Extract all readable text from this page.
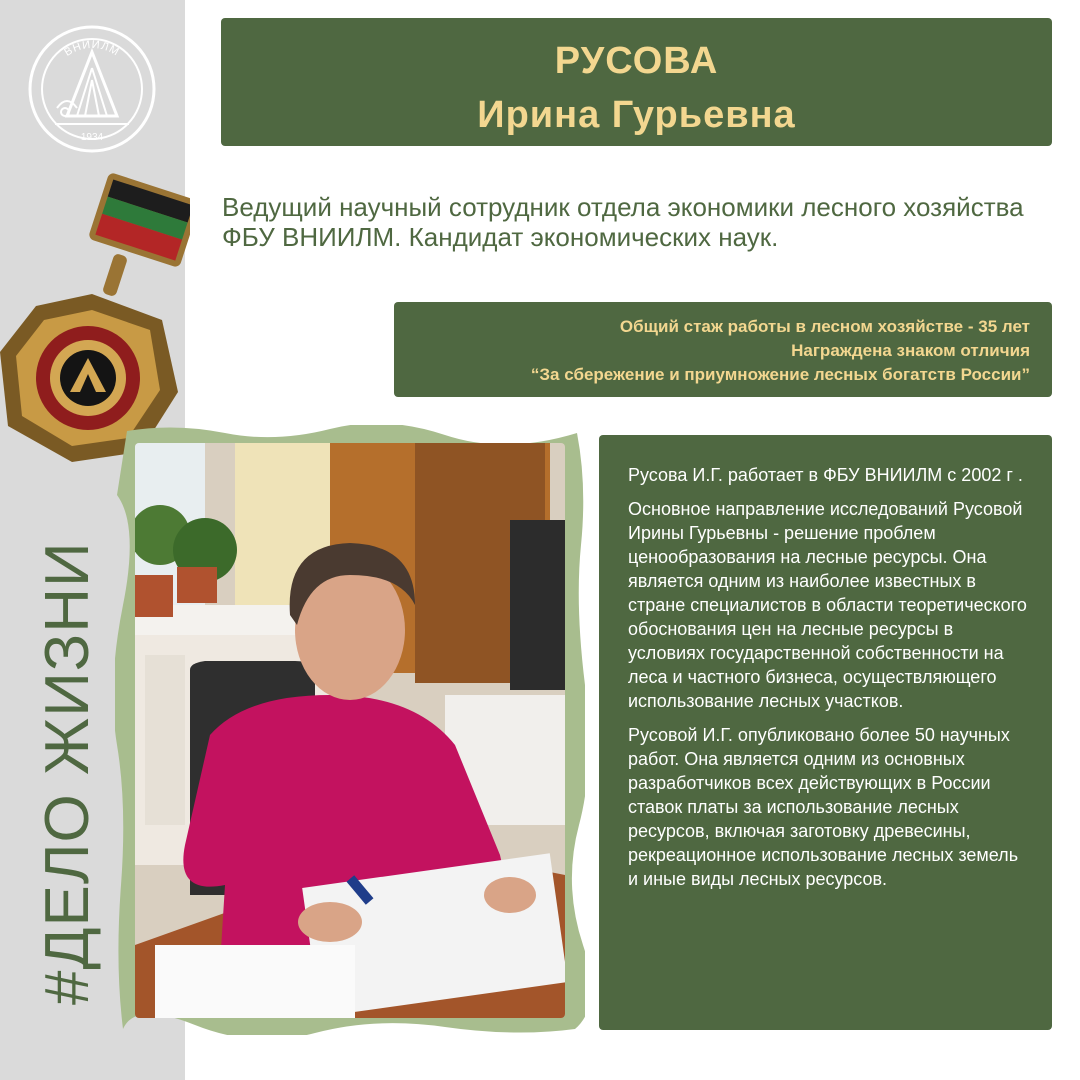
ВНИИЛМ
1934
#ДЕЛО ЖИЗНИ
РУСОВА
Ирина Гурьевна
Ведущий научный сотрудник отдела экономики лесного хозяйства ФБУ ВНИИЛМ. Кандидат экономических наук.
Общий стаж работы в лесном хозяйстве - 35 лет
Награждена знаком отличия
“За сбережение и приумножение лесных богатств России”

Русова И.Г. работает в ФБУ ВНИИЛМ с 2002 г .

Основное направление исследований Русовой Ирины Гурьевны - решение проблем ценообразования на лесные ресурсы. Она является одним из наиболее известных в стране специалистов в области теоретического обоснования цен на лесные ресурсы в условиях государственной собственности на леса и частного бизнеса, осуществляющего использование лесных участков.

Русовой И.Г. опубликовано более 50 научных работ. Она является одним из основных разработчиков всех действующих в России ставок платы за использование лесных ресурсов, включая заготовку древесины, рекреационное использование лесных земель и иные виды лесных ресурсов.
